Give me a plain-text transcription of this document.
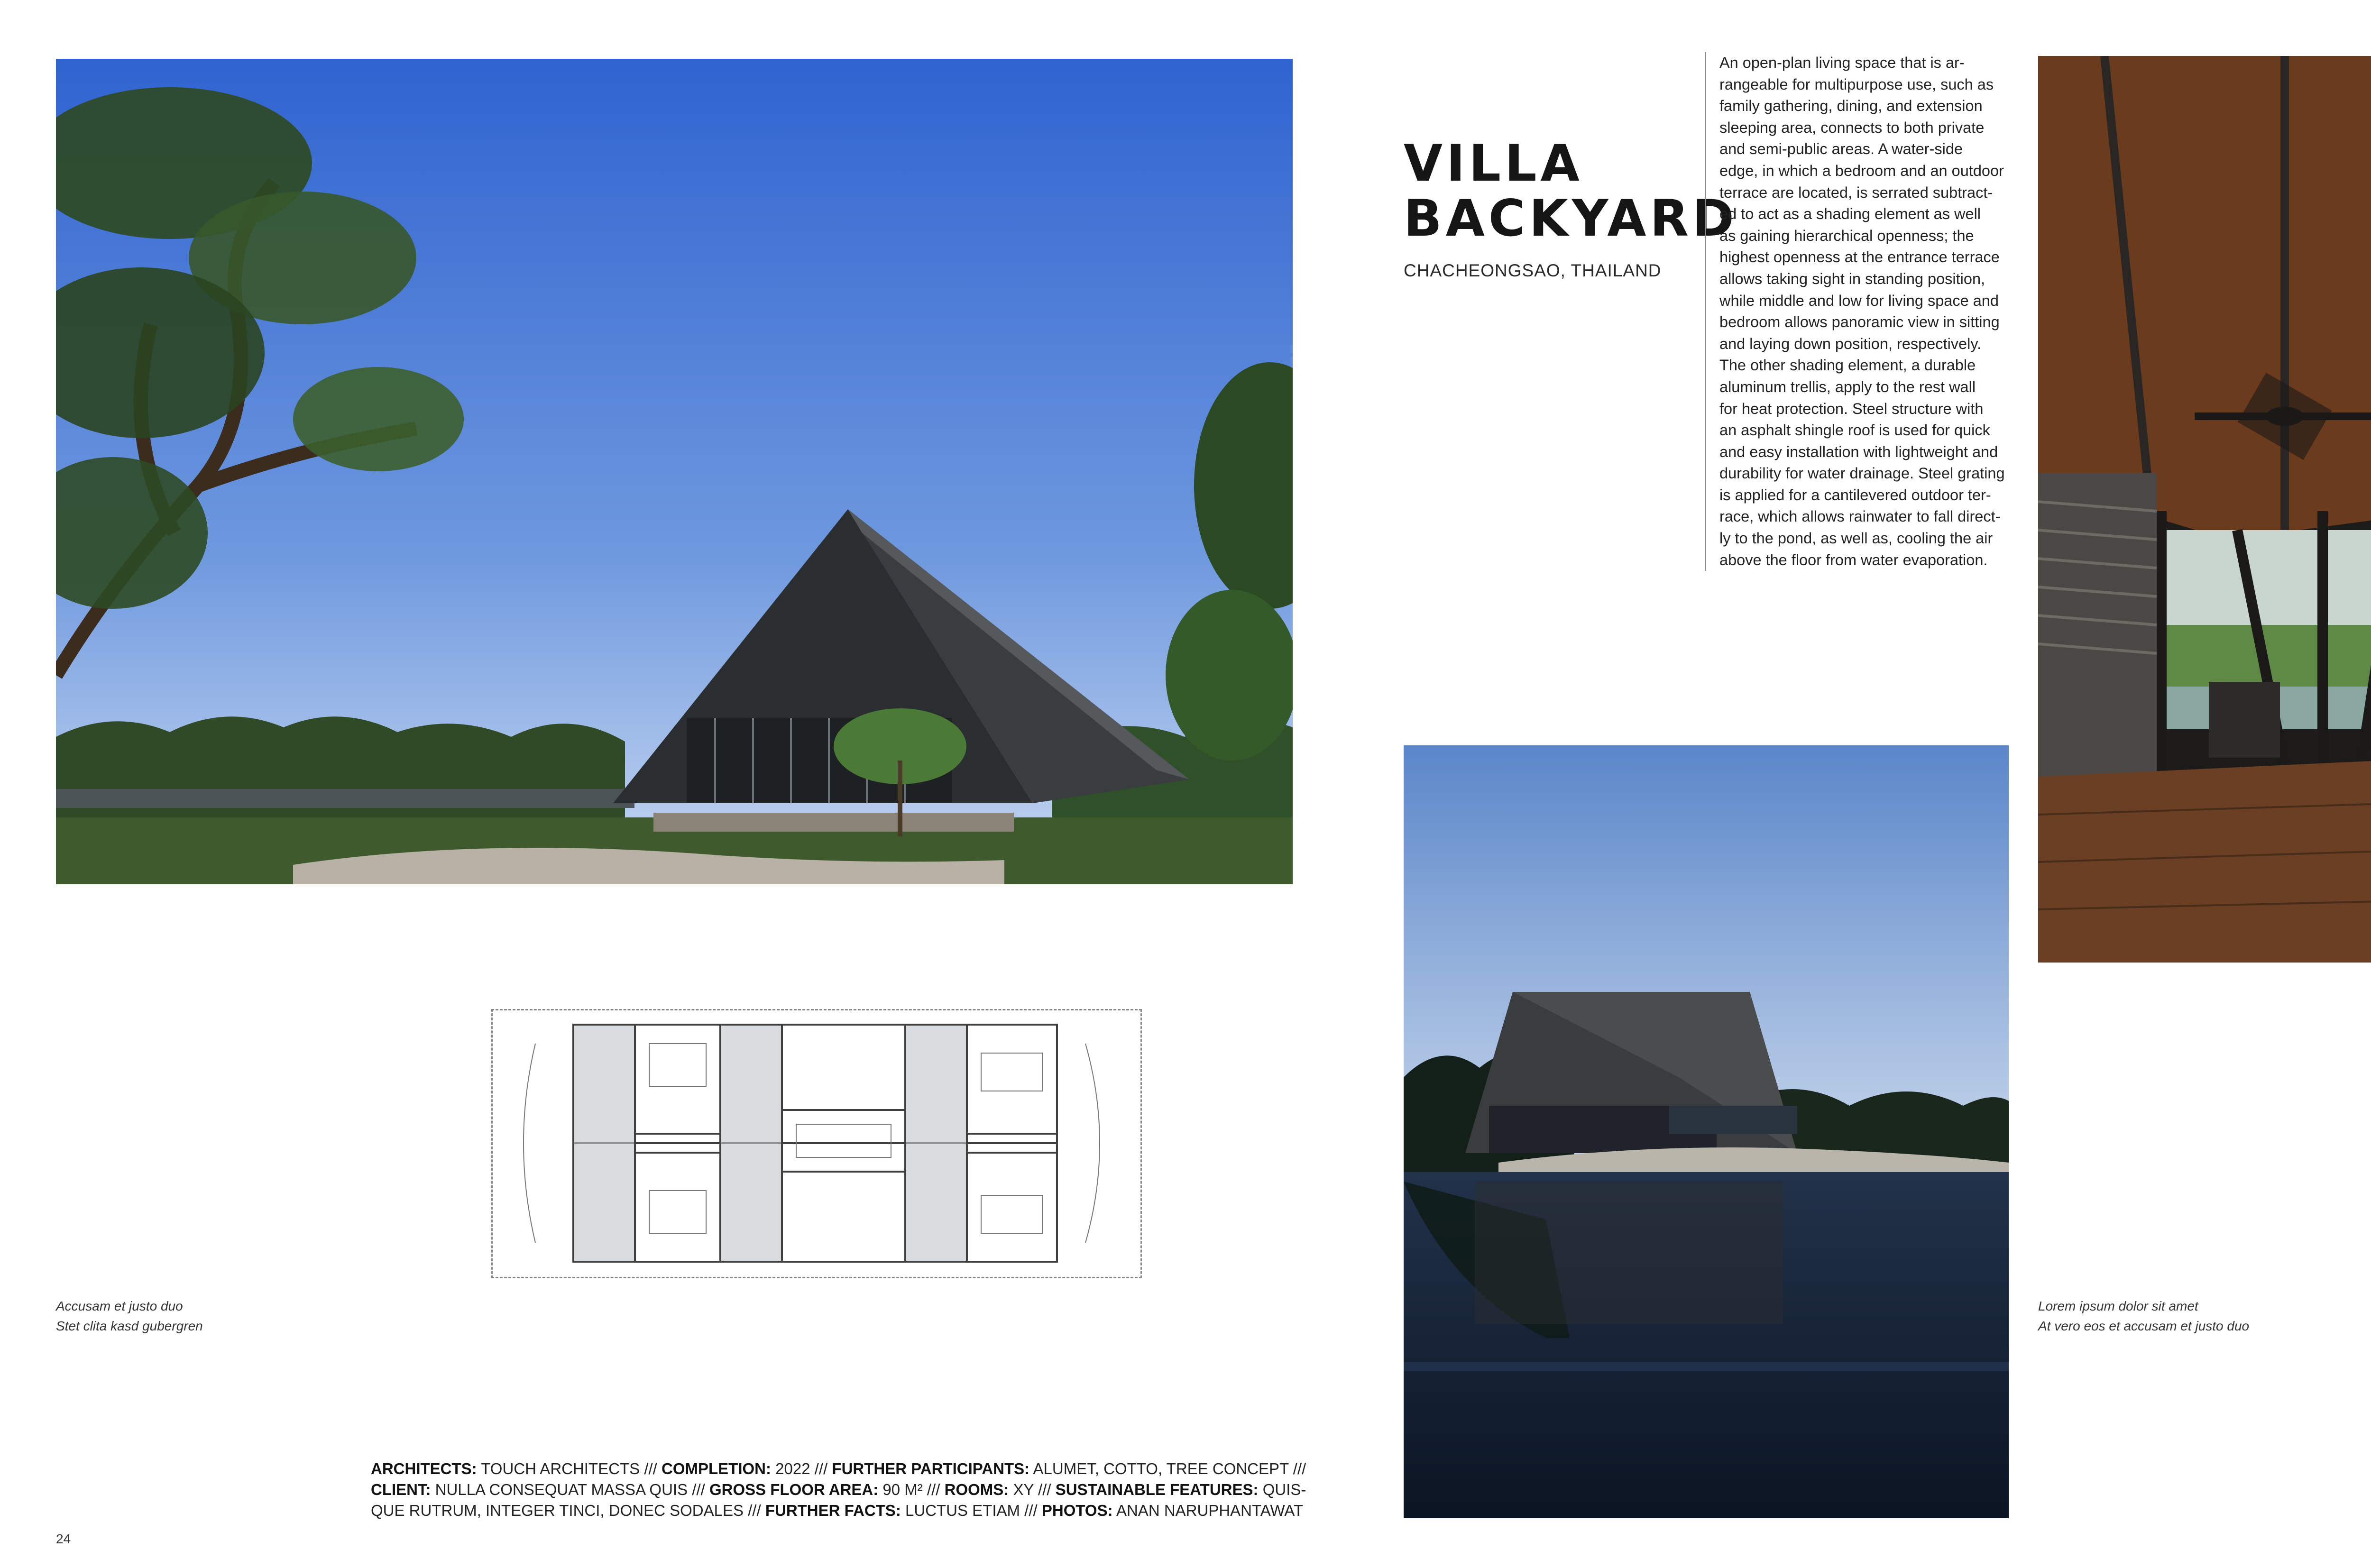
Accusam et justo duo
Stet clita kasd gubergren
ARCHITECTS: TOUCH ARCHITECTS /// COMPLETION: 2022 /// FURTHER PARTICIPANTS: ALUMET, COTTO, TREE CONCEPT ///
CLIENT: NULLA CONSEQUAT MASSA QUIS /// GROSS FLOOR AREA: 90 M² /// ROOMS: XY /// SUSTAINABLE FEATURES: QUIS-
QUE RUTRUM, INTEGER TINCI, DONEC SODALES /// FURTHER FACTS: LUCTUS ETIAM /// PHOTOS: ANAN NARUPHANTAWAT
24
VILLA
BACKYARD
CHACHEONGSAO, THAILAND
An open-plan living space that is ar-
rangeable for multipurpose use, such as
family gathering, dining, and extension
sleeping area, connects to both private
and semi-public areas. A water-side
edge, in which a bedroom and an outdoor
terrace are located, is serrated subtract-
ed to act as a shading element as well
as gaining hierarchical openness; the
highest openness at the entrance terrace
allows taking sight in standing position,
while middle and low for living space and
bedroom allows panoramic view in sitting
and laying down position, respectively.
The other shading element, a durable
aluminum trellis, apply to the rest wall
for heat protection. Steel structure with
an asphalt shingle roof is used for quick
and easy installation with lightweight and
durability for water drainage. Steel grating
is applied for a cantilevered outdoor ter-
race, which allows rainwater to fall direct-
ly to the pond, as well as, cooling the air
above the floor from water evaporation.
Lorem ipsum dolor sit amet
At vero eos et accusam et justo duo
